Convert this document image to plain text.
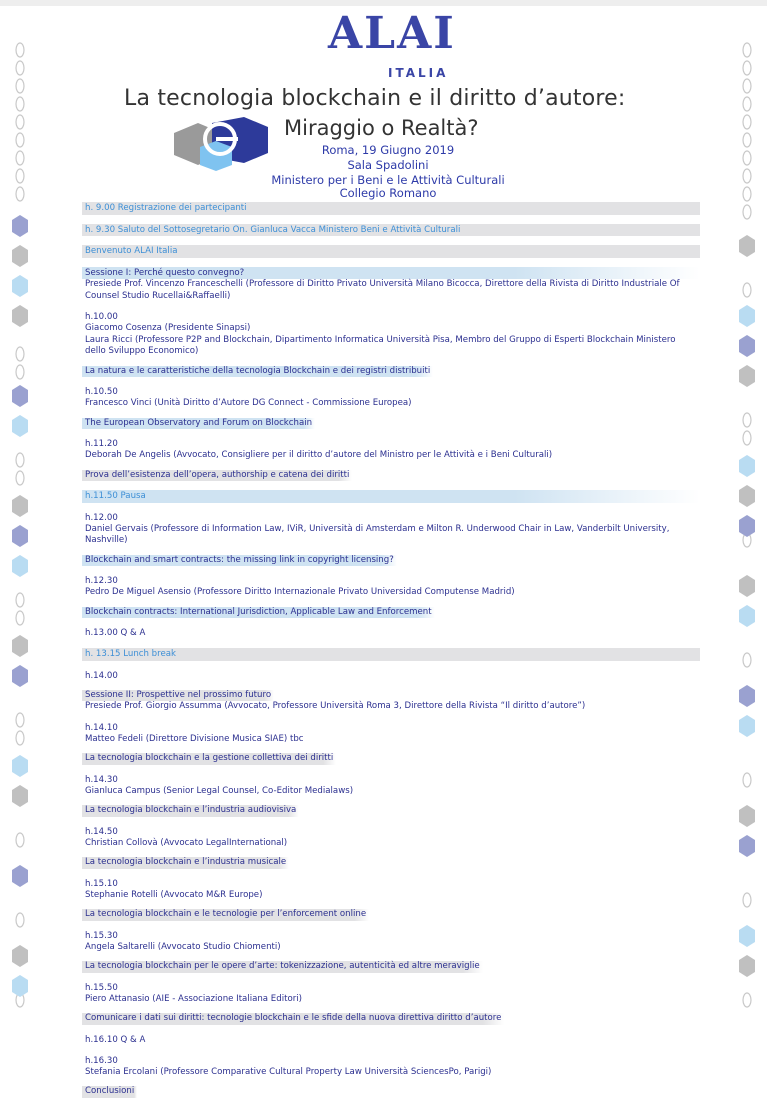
ALAI
ITALIA
La tecnologia blockchain e il diritto d’autore:
Miraggio o Realtà?
Roma, 19 Giugno 2019
Sala Spadolini
Ministero per i Beni e le Attività Culturali
Collegio Romano
h. 9.00 Registrazione dei partecipanti
h. 9.30 Saluto del Sottosegretario On. Gianluca Vacca Ministero Beni e Attività Culturali
Benvenuto ALAI Italia
Sessione I: Perché questo convegno?
Presiede Prof. Vincenzo Franceschelli (Professore di Diritto Privato Università Milano Bicocca, Direttore della Rivista di Diritto Industriale Of Counsel Studio Rucellai&Raffaelli)
h.10.00
Giacomo Cosenza (Presidente Sinapsi)
Laura Ricci (Professore P2P and Blockchain, Dipartimento Informatica Università Pisa, Membro del Gruppo di Esperti Blockchain Ministero dello Sviluppo Economico)
La natura e le caratteristiche della tecnologia Blockchain e dei registri distribuiti
h.10.50
Francesco Vinci (Unità Diritto d’Autore DG Connect - Commissione Europea)
The European Observatory and Forum on Blockchain
h.11.20
Deborah De Angelis (Avvocato, Consigliere per il diritto d’autore del Ministro per le Attività e i Beni Culturali)
Prova dell’esistenza dell’opera, authorship e catena dei diritti
h.11.50 Pausa
h.12.00
Daniel Gervais (Professore di Information Law, IViR, Università di Amsterdam e Milton R. Underwood Chair in Law, Vanderbilt University, Nashville)
Blockchain and smart contracts: the missing link in copyright licensing?
h.12.30
Pedro De Miguel Asensio (Professore Diritto Internazionale Privato Universidad Computense Madrid)
Blockchain contracts: International Jurisdiction, Applicable Law and Enforcement
h.13.00 Q & A
h. 13.15 Lunch break
h.14.00
Sessione II: Prospettive nel prossimo futuro
Presiede Prof. Giorgio Assumma (Avvocato, Professore Università Roma 3, Direttore della Rivista “Il diritto d’autore”)
h.14.10
Matteo Fedeli (Direttore Divisione Musica SIAE) tbc
La tecnologia blockchain e la gestione collettiva dei diritti
h.14.30
Gianluca Campus (Senior Legal Counsel, Co-Editor Medialaws)
La tecnologia blockchain e l’industria audiovisiva
h.14.50
Christian Collovà (Avvocato LegalInternational)
La tecnologia blockchain e l’industria musicale
h.15.10
Stephanie Rotelli (Avvocato M&R Europe)
La tecnologia blockchain e le tecnologie per l’enforcement online
h.15.30
Angela Saltarelli (Avvocato Studio Chiomenti)
La tecnologia blockchain per le opere d’arte: tokenizzazione, autenticità ed altre meraviglie
h.15.50
Piero Attanasio (AIE - Associazione Italiana Editori)
Comunicare i dati sui diritti: tecnologie blockchain e le sfide della nuova direttiva diritto d’autore
h.16.10 Q & A
h.16.30
Stefania Ercolani (Professore Comparative Cultural Property Law Università SciencesPo, Parigi)
Conclusioni
